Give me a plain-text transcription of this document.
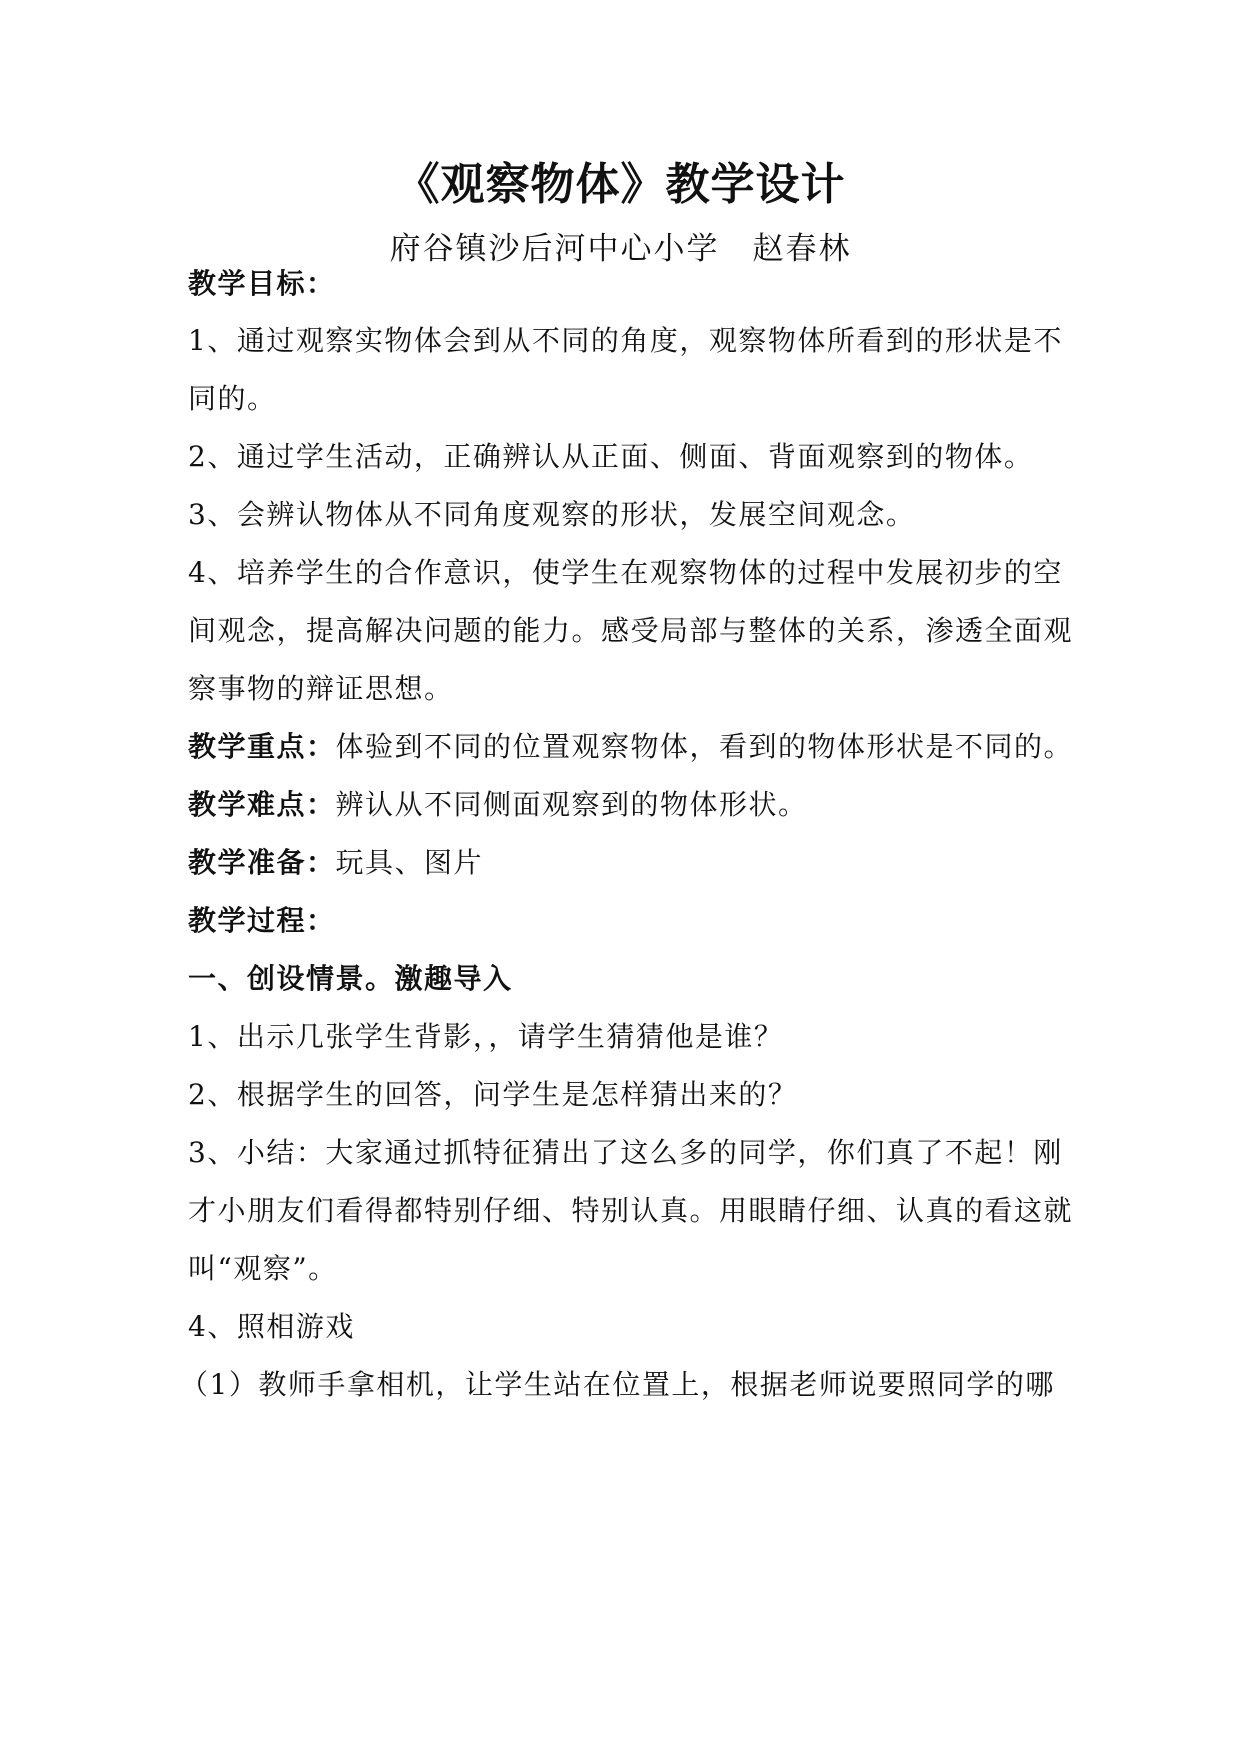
《观察物体》教学设计
府谷镇沙后河中心小学　赵春林
教学目标：
1、通过观察实物体会到从不同的角度，观察物体所看到的形状是不
同的。
2、通过学生活动，正确辨认从正面、侧面、背面观察到的物体。
3、会辨认物体从不同角度观察的形状，发展空间观念。
4、培养学生的合作意识，使学生在观察物体的过程中发展初步的空
间观念，提高解决问题的能力。感受局部与整体的关系，渗透全面观
察事物的辩证思想。
教学重点：体验到不同的位置观察物体，看到的物体形状是不同的。
教学难点：辨认从不同侧面观察到的物体形状。
教学准备：玩具、图片
教学过程：
一、创设情景。激趣导入
1、出示几张学生背影，，请学生猜猜他是谁？
2、根据学生的回答，问学生是怎样猜出来的？
3、小结：大家通过抓特征猜出了这么多的同学，你们真了不起！刚
才小朋友们看得都特别仔细、特别认真。用眼睛仔细、认真的看这就
叫“观察”。
4、照相游戏
（1）教师手拿相机，让学生站在位置上，根据老师说要照同学的哪
